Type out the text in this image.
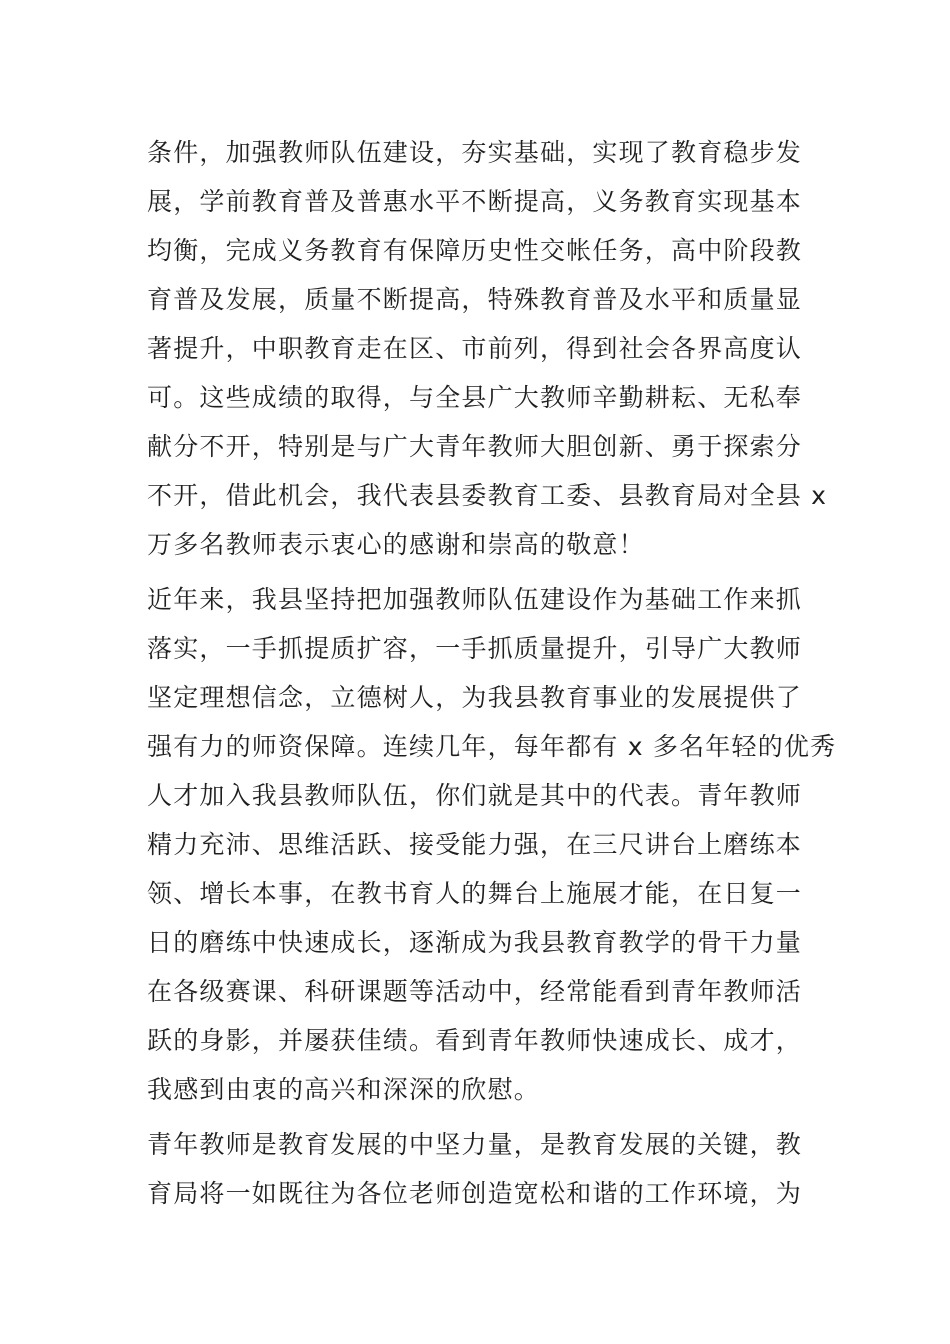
条件，加强教师队伍建设，夯实基础，实现了教育稳步发
展，学前教育普及普惠水平不断提高，义务教育实现基本
均衡，完成义务教育有保障历史性交帐任务，高中阶段教
育普及发展，质量不断提高，特殊教育普及水平和质量显
著提升，中职教育走在区、市前列，得到社会各界高度认
可。这些成绩的取得，与全县广大教师辛勤耕耘、无私奉
献分不开，特别是与广大青年教师大胆创新、勇于探索分
不开，借此机会，我代表县委教育工委、县教育局对全县 x
万多名教师表示衷心的感谢和崇高的敬意！
近年来，我县坚持把加强教师队伍建设作为基础工作来抓
落实，一手抓提质扩容，一手抓质量提升，引导广大教师
坚定理想信念，立德树人，为我县教育事业的发展提供了
强有力的师资保障。连续几年，每年都有 x 多名年轻的优秀
人才加入我县教师队伍，你们就是其中的代表。青年教师
精力充沛、思维活跃、接受能力强，在三尺讲台上磨练本
领、增长本事，在教书育人的舞台上施展才能，在日复一
日的磨练中快速成长，逐渐成为我县教育教学的骨干力量
在各级赛课、科研课题等活动中，经常能看到青年教师活
跃的身影，并屡获佳绩。看到青年教师快速成长、成才，
我感到由衷的高兴和深深的欣慰。
青年教师是教育发展的中坚力量，是教育发展的关键，教
育局将一如既往为各位老师创造宽松和谐的工作环境，为
